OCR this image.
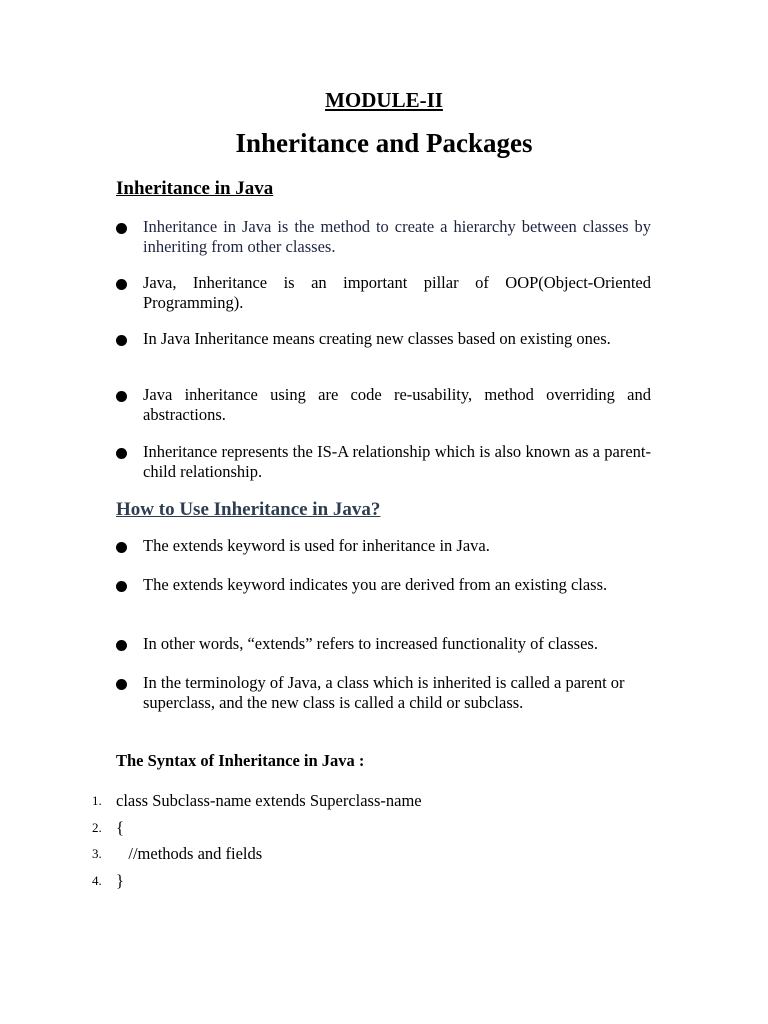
MODULE-II
Inheritance and Packages
Inheritance in Java
Inheritance in Java is the method to create a hierarchy between classes by inheriting from other classes.
Java, Inheritance is an important pillar of OOP(Object-Oriented Programming).
In Java Inheritance means creating new classes based on existing ones.
Java inheritance using are code re-usability, method overriding and abstractions.
Inheritance represents the IS-A relationship which is also known as a parent-child relationship.
How to Use Inheritance in Java?
The extends keyword is used for inheritance in Java.
The extends keyword indicates you are derived from an existing class.
In other words, “extends” refers to increased functionality of classes.
In the terminology of Java, a class which is inherited is called a parent or superclass, and the new class is called a child or subclass.
The Syntax of Inheritance in Java :
1. class Subclass-name extends Superclass-name
2. {
3. //methods and fields
4. }
